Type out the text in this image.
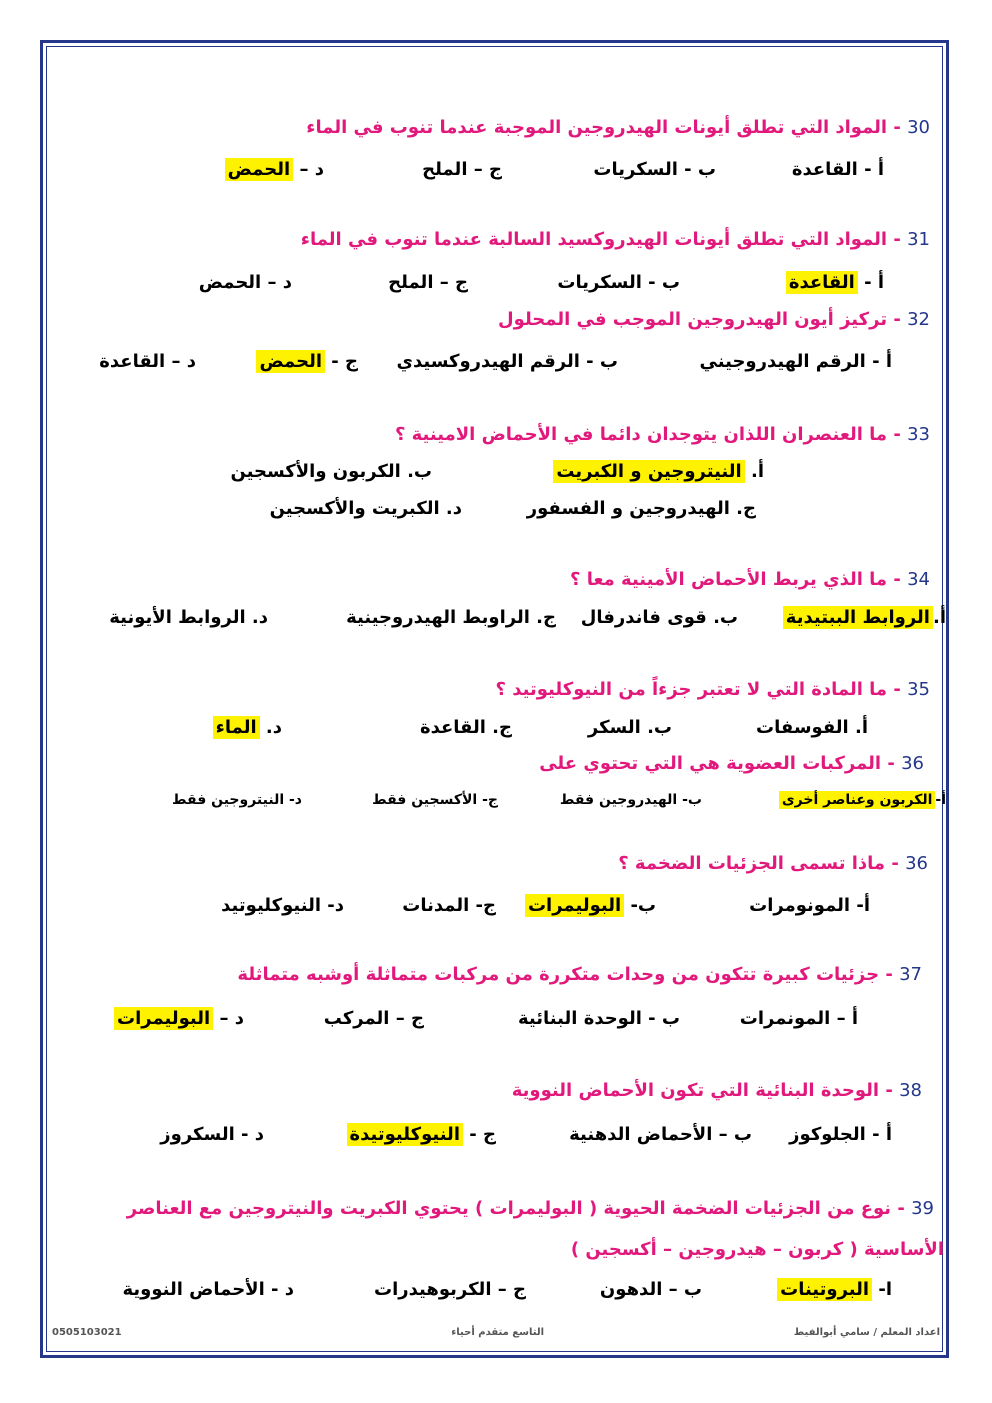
30 - المواد التي تطلق أيونات الهيدروجين الموجبة عندما تنوب في الماء
أ - القاعدة
ب - السكريات
ج – الملح
د – الحمض
31 - المواد التي تطلق أيونات الهيدروكسيد السالبة عندما تنوب في الماء
أ - القاعدة
ب - السكريات
ج – الملح
د – الحمض
32 - تركيز أيون الهيدروجين الموجب في المحلول
أ - الرقم الهيدروجيني
ب - الرقم الهيدروكسيدي
ج - الحمض
د – القاعدة
33 - ما العنصران اللذان يتوجدان دائما في الأحماض الامينية ؟
أ. النيتروجين و الكبريت
ب. الكربون والأكسجين
ج. الهيدروجين و الفسفور
د. الكبريت والأكسجين
34 - ما الذي يربط الأحماض الأمينية معا ؟
أ.الروابط الببتيدية
ب. قوى فاندرفال
ج. الراوبط الهيدروجينية
د. الروابط الأيونية
35 - ما المادة التي لا تعتبر جزءاً من النيوكليوتيد ؟
أ. الفوسفات
ب. السكر
ج. القاعدة
د. الماء
36 - المركبات العضوية هي التي تحتوي على
أ-الكربون وعناصر أخرى
ب- الهيدروجين فقط
ج- الأكسجين فقط
د- النيتروجين فقط
36 - ماذا تسمى الجزئيات الضخمة ؟
أ- المونومرات
ب- البوليمرات
ج- المدنات
د- النيوكليوتيد
37 - جزئيات كبيرة تتكون من وحدات متكررة من مركبات متماثلة أوشبه متماثلة
أ – المونمرات
ب - الوحدة البنائية
ج – المركب
د – البوليمرات
38 - الوحدة البنائية التي تكون الأحماض النووية
أ - الجلوكوز
ب – الأحماض الدهنية
ج - النيوكليوتيدة
د - السكروز
39 - نوع من الجزئيات الضخمة الحيوية ( البوليمرات ) يحتوي الكبريت والنيتروجين مع العناصر
الأساسية ( كربون – هيدروجين – أكسجين )
ا- البروتينات
ب – الدهون
ج – الكربوهيدرات
د - الأحماض النووية
اعداد المعلم / سامي أبوالفيط
التاسع متقدم أحياء
0505103021
